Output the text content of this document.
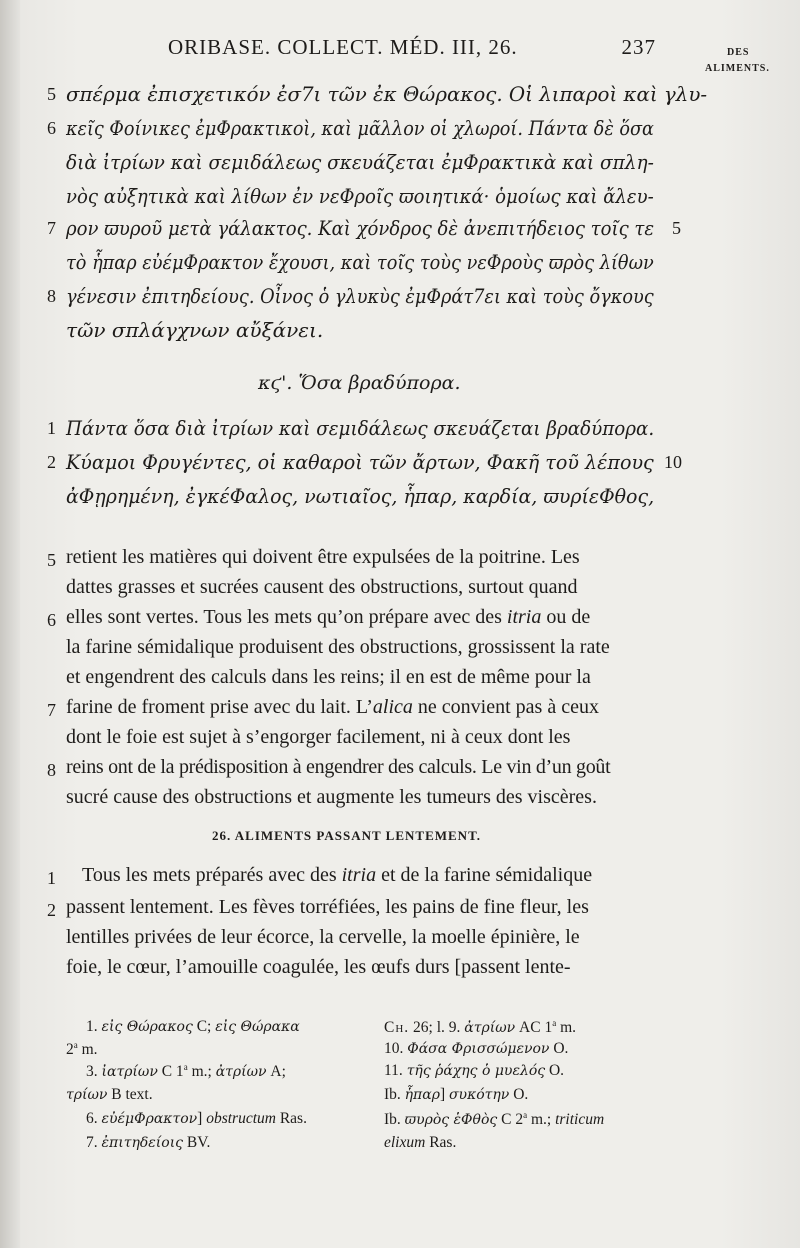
ORIBASE. COLLECT. MÉD. III, 26.	237	DES
ALIMENTS.
5 σπέρμα ἐπισχετικόν ἐσ7ι τῶν ἐκ Θώρακος. Οἱ λιπαροὶ καὶ γλυ-
6 κεῖς Φοίνικες ἐμΦρακτικοὶ, καὶ μᾶλλον οἱ χλωροί. Πάντα δὲ ὅσα
διὰ ἰτρίων καὶ σεμιδάλεως σκευάζεται ἐμΦρακτικὰ καὶ σπλη-
νὸς αὐξητικὰ καὶ λίθων ἐν νεΦροῖς ϖοιητικά· ὁμοίως καὶ ἄλευ-
7 ρον ϖυροῦ μετὰ γάλακτος. Καὶ χόνδρος δὲ ἀνεπιτήδειος τοῖς τε 5
τὸ ἧπαρ εὐέμΦρακτον ἔχουσι, καὶ τοῖς τοὺς νεΦροὺς ϖρὸς λίθων
8 γένεσιν ἐπιτηδείους. Οἶνος ὁ γλυκὺς ἐμΦράτ7ει καὶ τοὺς ὄγκους
τῶν σπλάγχνων αὔξάνει.
κϛ'. Ὅσα βραδύπορα.
1 Πάντα ὅσα διὰ ἰτρίων καὶ σεμιδάλεως σκευάζεται βραδύπορα.
2 Κύαμοι Φρυγέντες, οἱ καθαροὶ τῶν ἄρτων, Φακῆ τοῦ λέπους 10
ἀΦῃρημένη, ἐγκέΦαλος, νωτιαῖος, ἧπαρ, καρδία, ϖυρίεΦθος,
5 retient les matières qui doivent être expulsées de la poitrine. Les
dattes grasses et sucrées causent des obstructions, surtout quand
6 elles sont vertes. Tous les mets qu’on prépare avec des itria ou de
la farine sémidalique produisent des obstructions, grossissent la rate
et engendrent des calculs dans les reins; il en est de même pour la
7 farine de froment prise avec du lait. L’alica ne convient pas à ceux
dont le foie est sujet à s’engorger facilement, ni à ceux dont les
8 reins ont de la prédisposition à engendrer des calculs. Le vin d’un goût
sucré cause des obstructions et augmente les tumeurs des viscères.
26. ALIMENTS PASSANT LENTEMENT.
1 Tous les mets préparés avec des itria et de la farine sémidalique
2 passent lentement. Les fèves torréfiées, les pains de fine fleur, les
lentilles privées de leur écorce, la cervelle, la moelle épinière, le
foie, le cœur, l’amouille coagulée, les œufs durs [passent lente-
1. εἰς Θώρακος C; εἰς Θώρακα
2$^a$ m.
3. ἰατρίων C 1$^a$ m.; ἀτρίων A;
τρίων B text.
6. εὐέμΦρακτον] obstructum Ras.
7. ἐπιτηδείοις BV.
Ch. 26; l. 9. ἀτρίων AC 1$^a$ m.
10. Φάσα Φρισσώμενον O.
11. τῆς ῥάχης ὁ μυελός O.
Ib. ἧπαρ] συκότην O.
Ib. ϖυρὸς ἑΦθὸς C 2$^a$ m.; triticum
elixum Ras.
